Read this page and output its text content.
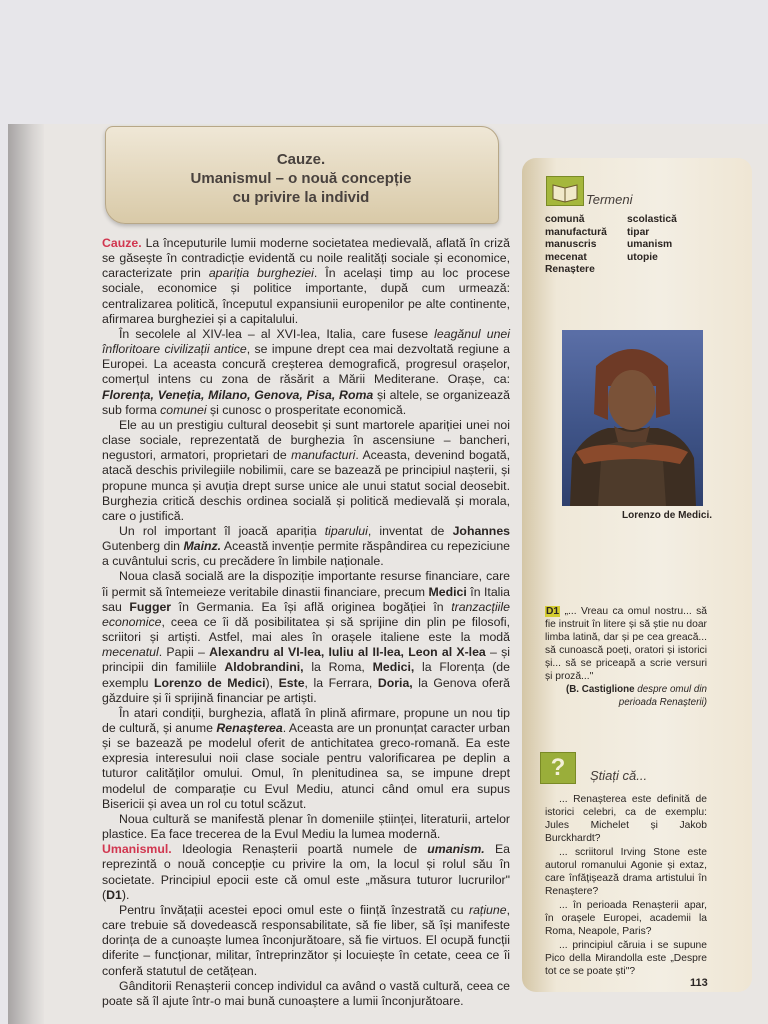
Cauze.
Umanismul – o nouă concepție
cu privire la individ

Cauze. La începuturile lumii moderne societatea medievală, aflată în criză se găsește în contradicție evidentă cu noile realități sociale și economice, caracterizate prin apariția burgheziei. În același timp au loc procese sociale, economice și politice importante, după cum urmează: centralizarea politică, începutul expansiunii europenilor pe alte continente, afirmarea burgheziei și a capitalului.

În secolele al XIV-lea – al XVI-lea, Italia, care fusese leagănul unei înfloritoare civilizații antice, se impune drept cea mai dezvoltată regiune a Europei. La aceasta concură creșterea demografică, progresul orașelor, comerțul intens cu zona de răsărit a Mării Mediterane. Orașe, ca: Florența, Veneția, Milano, Genova, Pisa, Roma și altele, se organizează sub forma comunei și cunosc o prosperitate economică.

Ele au un prestigiu cultural deosebit și sunt martorele apariției unei noi clase sociale, reprezentată de burghezia în ascensiune – bancheri, negustori, armatori, proprietari de manufacturi. Aceasta, devenind bogată, atacă deschis privilegiile nobilimii, care se bazează pe principiul nașterii, și propune munca și avuția drept surse unice ale unui statut social deosebit. Burghezia critică deschis ordinea socială și politică medievală și morala, care o justifică.

Un rol important îl joacă apariția tiparului, inventat de Johannes Gutenberg din Mainz. Această invenție permite răspândirea cu repeziciune a cuvântului scris, cu precădere în limbile naționale.

Noua clasă socială are la dispoziție importante resurse financiare, care îi permit să întemeieze veritabile dinastii financiare, precum Medici în Italia sau Fugger în Germania. Ea își află originea bogăției în tranzacțiile economice, ceea ce îi dă posibilitatea și să sprijine din plin pe filosofi, scriitori și artiști. Astfel, mai ales în orașele italiene este la modă mecenatul. Papii – Alexandru al VI-lea, Iuliu al II-lea, Leon al X-lea – și principii din familiile Aldobrandini, la Roma, Medici, la Florența (de exemplu Lorenzo de Medici), Este, la Ferrara, Doria, la Genova oferă găzduire și îi sprijină financiar pe artiști.

În atari condiții, burghezia, aflată în plină afirmare, propune un nou tip de cultură, și anume Renașterea. Aceasta are un pronunțat caracter urban și se bazează pe modelul oferit de antichitatea greco-romană. Ea este expresia interesului noii clase sociale pentru valorificarea pe deplin a tuturor calităților omului. Omul, în plenitudinea sa, se impune drept modelul de comparație cu Evul Mediu, atunci când omul era supus Bisericii și avea un rol cu totul scăzut.

Noua cultură se manifestă plenar în domeniile științei, literaturii, artelor plastice. Ea face trecerea de la Evul Mediu la lumea modernă.

Umanismul. Ideologia Renașterii poartă numele de umanism. Ea reprezintă o nouă concepție cu privire la om, la locul și rolul său în societate. Principiul epocii este că omul este „măsura tuturor lucrurilor" (D1).

Pentru învățații acestei epoci omul este o ființă înzestrată cu rațiune, care trebuie să dovedească responsabilitate, să fie liber, să își manifeste dorința de a cunoaște lumea înconjurătoare, să fie virtuos. El ocupă funcții diferite – funcționar, militar, întreprinzător și locuiește în cetate, ceea ce îi conferă statutul de cetățean.

Gânditorii Renașterii concep individul ca având o vastă cultură, ceea ce poate să îl ajute într-o mai bună cunoaștere a lumii înconjurătoare.

Termeni
comună
manufactură
manuscris
mecenat
Renaștere
scolastică
tipar
umanism
utopie
Lorenzo de Medici.

D1 „... Vreau ca omul nostru... să fie instruit în litere și să știe nu doar limba latină, dar și pe cea greacă... să cunoască poeți, oratori și istorici și... să se priceapă a scrie versuri și proză..."

(B. Castiglione despre omul din perioada Renașterii)

?	Știați că...

... Renașterea este definită de istorici celebri, ca de exemplu: Jules Michelet și Jakob Burckhardt?

... scriitorul Irving Stone este autorul romanului Agonie și extaz, care înfățișează drama artistului în Renaștere?

... în perioada Renașterii apar, în orașele Europei, academii la Roma, Neapole, Paris?

... principiul căruia i se supune Pico della Mirandolla este „Despre tot ce se poate ști"?

113
